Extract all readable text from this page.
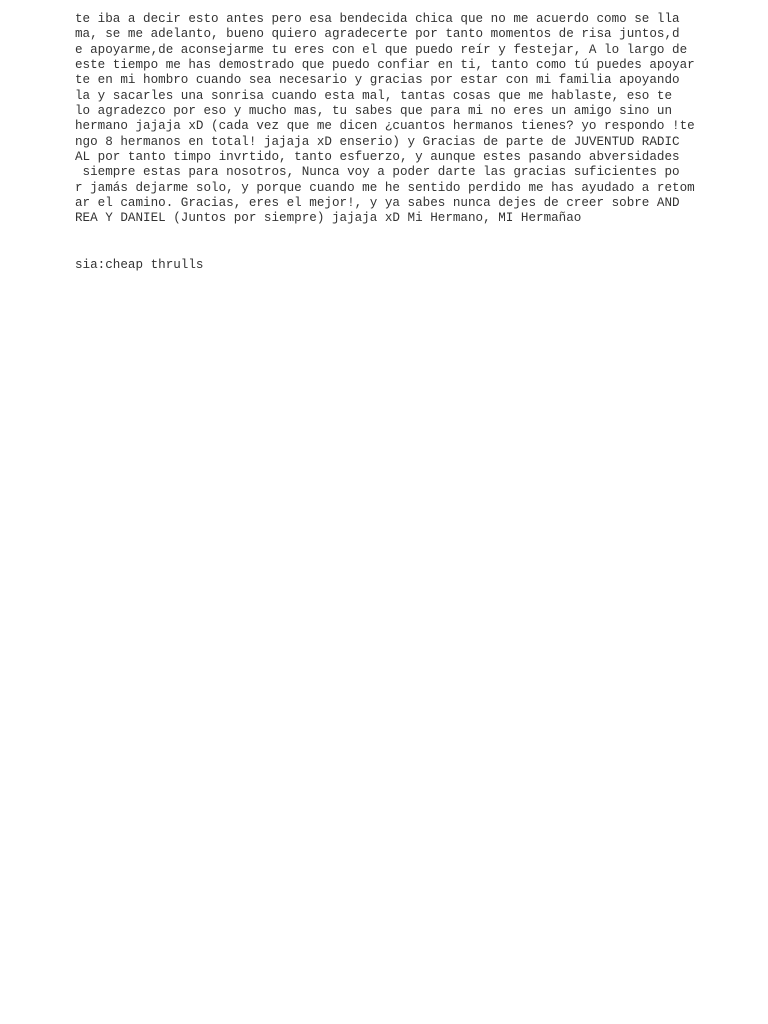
te iba a decir esto antes pero esa bendecida chica que no me acuerdo como se lla
ma, se me adelanto, bueno quiero agradecerte por tanto momentos de risa juntos,d
e apoyarme,de aconsejarme tu eres con el que puedo reír y festejar, A lo largo de
este tiempo me has demostrado que puedo confiar en ti, tanto como tú puedes apoyar
te en mi hombro cuando sea necesario y gracias por estar con mi familia apoyando
la y sacarles una sonrisa cuando esta mal, tantas cosas que me hablaste, eso te
lo agradezco por eso y mucho mas, tu sabes que para mi no eres un amigo sino un
hermano jajaja xD (cada vez que me dicen ¿cuantos hermanos tienes? yo respondo !te
ngo 8 hermanos en total! jajaja xD enserio) y Gracias de parte de JUVENTUD RADIC
AL por tanto timpo invrtido, tanto esfuerzo, y aunque estes pasando abversidades
siempre estas para nosotros, Nunca voy a poder darte las gracias suficientes po
r jamás dejarme solo, y porque cuando me he sentido perdido me has ayudado a retom
ar el camino. Gracias, eres el mejor!, y ya sabes nunca dejes de creer sobre AND
REA Y DANIEL (Juntos por siempre) jajaja xD Mi Hermano, MI Hermañao
sia:cheap thrulls
